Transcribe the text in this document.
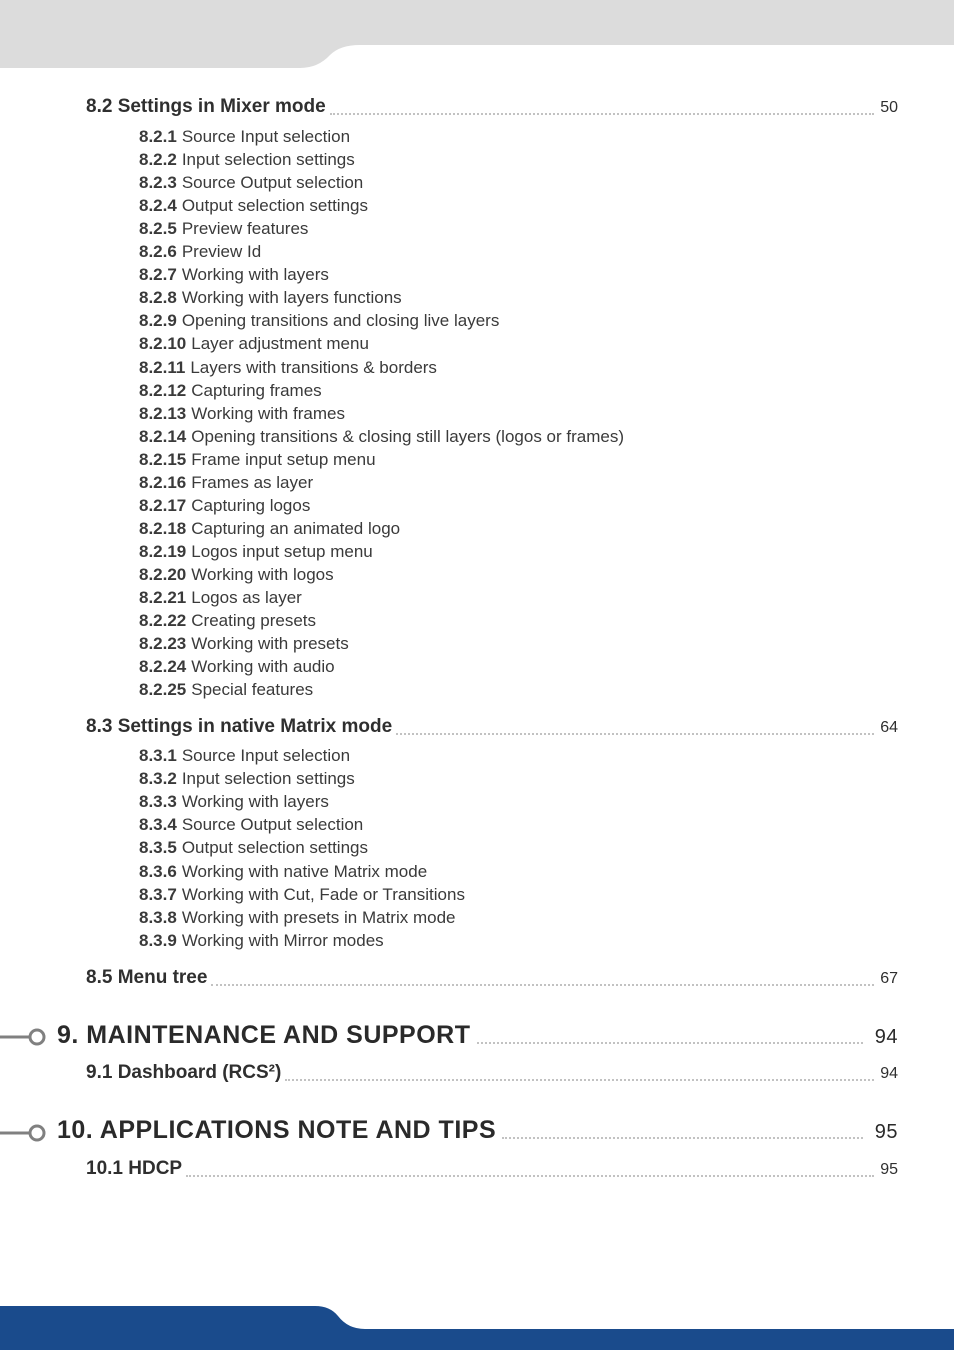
8.2 Settings in Mixer mode	50
8.2.1 Source Input selection
8.2.2 Input selection settings
8.2.3 Source Output selection
8.2.4 Output selection settings
8.2.5 Preview features
8.2.6 Preview Id
8.2.7 Working with layers
8.2.8 Working with layers functions
8.2.9 Opening transitions and closing live layers
8.2.10 Layer adjustment menu
8.2.11 Layers with transitions & borders
8.2.12 Capturing frames
8.2.13 Working with frames
8.2.14 Opening transitions & closing still layers (logos or frames)
8.2.15 Frame input setup menu
8.2.16 Frames as layer
8.2.17 Capturing logos
8.2.18 Capturing an animated logo
8.2.19 Logos input setup menu
8.2.20 Working with logos
8.2.21 Logos as layer
8.2.22 Creating presets
8.2.23 Working with presets
8.2.24 Working with audio
8.2.25 Special features
8.3 Settings in native Matrix mode	64
8.3.1 Source Input selection
8.3.2 Input selection settings
8.3.3 Working with layers
8.3.4 Source Output selection
8.3.5 Output selection settings
8.3.6 Working with native Matrix mode
8.3.7 Working with Cut, Fade or Transitions
8.3.8 Working with presets in Matrix mode
8.3.9 Working with Mirror modes
8.5 Menu tree	67
9. MAINTENANCE AND SUPPORT	94
9.1 Dashboard (RCS²)	94
10. APPLICATIONS NOTE AND TIPS	95
10.1 HDCP	95
